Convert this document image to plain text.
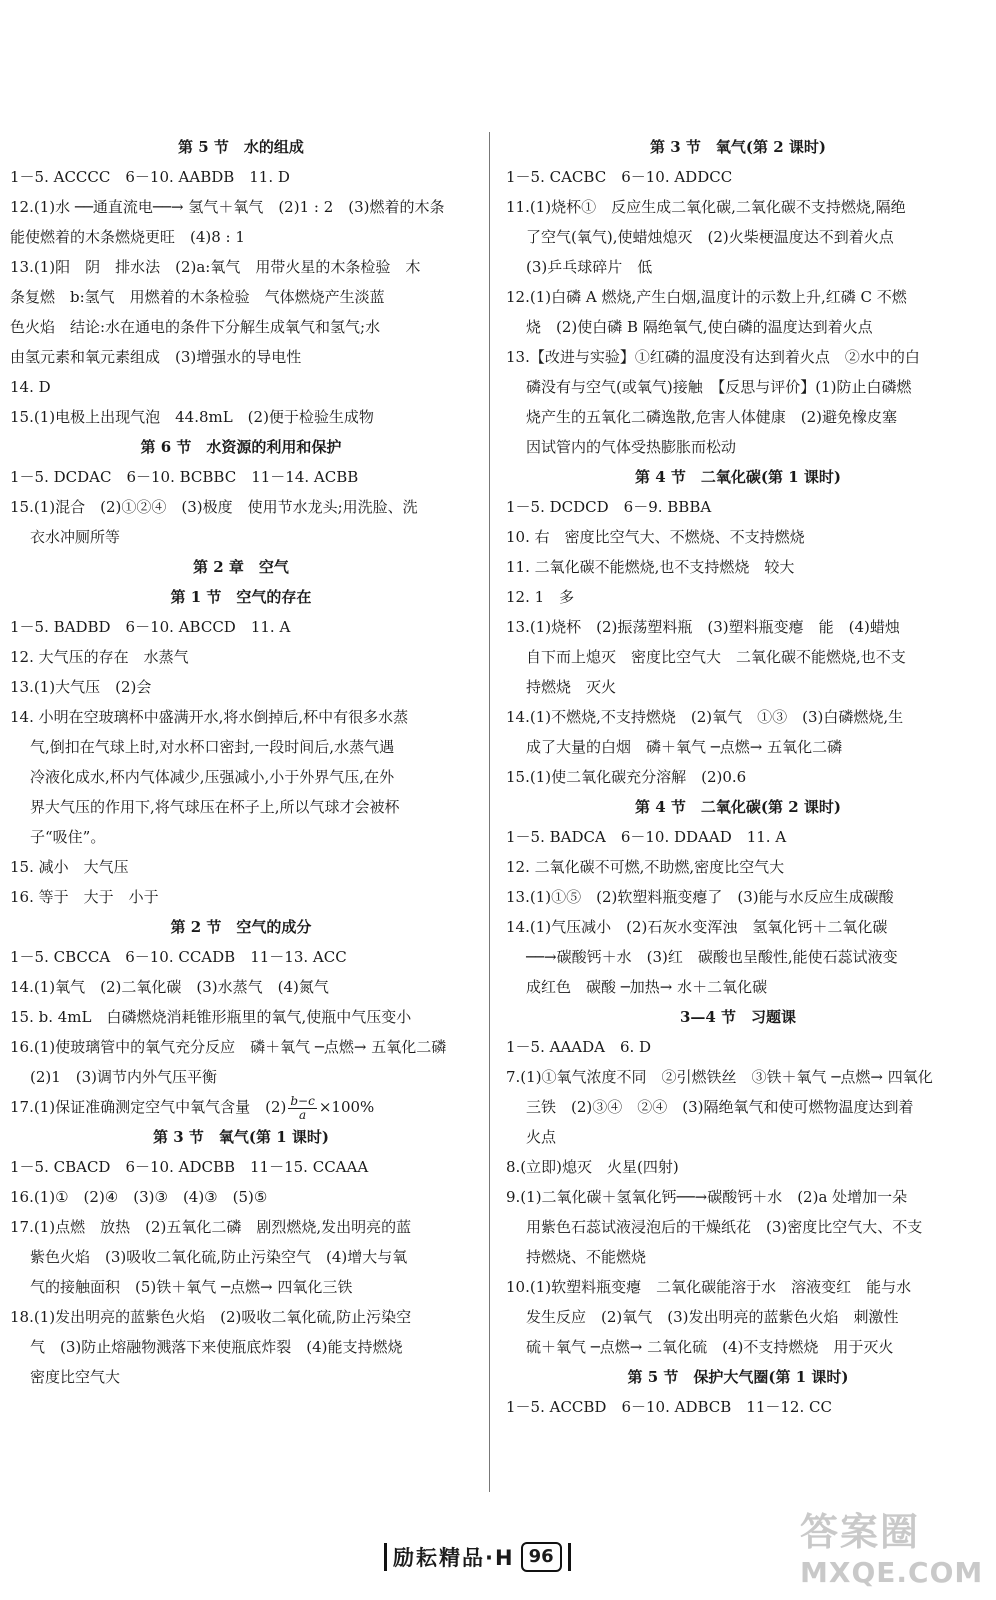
第 5 节　水的组成
1－5. ACCCC　6－10. AABDB　11. D
12.(1)水 ──通直流电──→ 氢气＋氧气　(2)1 : 2　(3)燃着的木条
能使燃着的木条燃烧更旺　(4)8 : 1
13.(1)阳　阴　排水法　(2)a:氧气　用带火星的木条检验　木
条复燃　b:氢气　用燃着的木条检验　气体燃烧产生淡蓝
色火焰　结论:水在通电的条件下分解生成氧气和氢气;水
由氢元素和氧元素组成　(3)增强水的导电性
14. D
15.(1)电极上出现气泡　44.8mL　(2)便于检验生成物
第 6 节　水资源的利用和保护
1－5. DCDAC　6－10. BCBBC　11－14. ACBB
15.(1)混合　(2)①②④　(3)极度　使用节水龙头;用洗脸、洗
衣水冲厕所等
第 2 章　空气
第 1 节　空气的存在
1－5. BADBD　6－10. ABCCD　11. A
12. 大气压的存在　水蒸气
13.(1)大气压　(2)会
14. 小明在空玻璃杯中盛满开水,将水倒掉后,杯中有很多水蒸
气,倒扣在气球上时,对水杯口密封,一段时间后,水蒸气遇
冷液化成水,杯内气体减少,压强减小,小于外界气压,在外
界大气压的作用下,将气球压在杯子上,所以气球才会被杯
子“吸住”。
15. 减小　大气压
16. 等于　大于　小于
第 2 节　空气的成分
1－5. CBCCA　6－10. CCADB　11－13. ACC
14.(1)氧气　(2)二氧化碳　(3)水蒸气　(4)氮气
15. b. 4mL　白磷燃烧消耗锥形瓶里的氧气,使瓶中气压变小
16.(1)使玻璃管中的氧气充分反应　磷＋氧气 ─点燃→ 五氧化二磷
(2)1　(3)调节内外气压平衡
17.(1)保证准确测定空气中氧气含量　$(2) \frac{b-c}{a} \times 100\%$
第 3 节　氧气(第 1 课时)
1－5. CBACD　6－10. ADCBB　11－15. CCAAA
16.(1)①　(2)④　(3)③　(4)③　(5)⑤
17.(1)点燃　放热　(2)五氧化二磷　剧烈燃烧,发出明亮的蓝
紫色火焰　(3)吸收二氧化硫,防止污染空气　(4)增大与氧
气的接触面积　(5)铁＋氧气 ─点燃→ 四氧化三铁
18.(1)发出明亮的蓝紫色火焰　(2)吸收二氧化硫,防止污染空
气　(3)防止熔融物溅落下来使瓶底炸裂　(4)能支持燃烧
密度比空气大
第 3 节　氧气(第 2 课时)
1－5. CACBC　6－10. ADDCC
11.(1)烧杯①　反应生成二氧化碳,二氧化碳不支持燃烧,隔绝
了空气(氧气),使蜡烛熄灭　(2)火柴梗温度达不到着火点
(3)乒乓球碎片　低
12.(1)白磷 A 燃烧,产生白烟,温度计的示数上升,红磷 C 不燃
烧　(2)使白磷 B 隔绝氧气,使白磷的温度达到着火点
13.【改进与实验】①红磷的温度没有达到着火点　②水中的白
磷没有与空气(或氧气)接触　【反思与评价】(1)防止白磷燃
烧产生的五氧化二磷逸散,危害人体健康　(2)避免橡皮塞
因试管内的气体受热膨胀而松动
第 4 节　二氧化碳(第 1 课时)
1－5. DCDCD　6－9. BBBA
10. 右　密度比空气大、不燃烧、不支持燃烧
11. 二氧化碳不能燃烧,也不支持燃烧　较大
12. 1　多
13.(1)烧杯　(2)振荡塑料瓶　(3)塑料瓶变瘪　能　(4)蜡烛
自下而上熄灭　密度比空气大　二氧化碳不能燃烧,也不支
持燃烧　灭火
14.(1)不燃烧,不支持燃烧　(2)氧气　①③　(3)白磷燃烧,生
成了大量的白烟　磷＋氧气 ─点燃→ 五氧化二磷
15.(1)使二氧化碳充分溶解　(2)0.6
第 4 节　二氧化碳(第 2 课时)
1－5. BADCA　6－10. DDAAD　11. A
12. 二氧化碳不可燃,不助燃,密度比空气大
13.(1)①⑤　(2)软塑料瓶变瘪了　(3)能与水反应生成碳酸
14.(1)气压减小　(2)石灰水变浑浊　氢氧化钙＋二氧化碳
──→碳酸钙＋水　(3)红　碳酸也呈酸性,能使石蕊试液变
成红色　碳酸 ─加热→ 水＋二氧化碳
3—4 节　习题课
1－5. AAADA　6. D
7.(1)①氧气浓度不同　②引燃铁丝　③铁＋氧气 ─点燃→ 四氧化
三铁　(2)③④　②④　(3)隔绝氧气和使可燃物温度达到着
火点
8.(立即)熄灭　火星(四射)
9.(1)二氧化碳＋氢氧化钙──→碳酸钙＋水　(2)a 处增加一朵
用紫色石蕊试液浸泡后的干燥纸花　(3)密度比空气大、不支
持燃烧、不能燃烧
10.(1)软塑料瓶变瘪　二氧化碳能溶于水　溶液变红　能与水
发生反应　(2)氧气　(3)发出明亮的蓝紫色火焰　刺激性
硫＋氧气 ─点燃→ 二氧化硫　(4)不支持燃烧　用于灭火
第 5 节　保护大气圈(第 1 课时)
1－5. ACCBD　6－10. ADBCB　11－12. CC
励耘精品·H 96
答案圈
MXQE.COM
